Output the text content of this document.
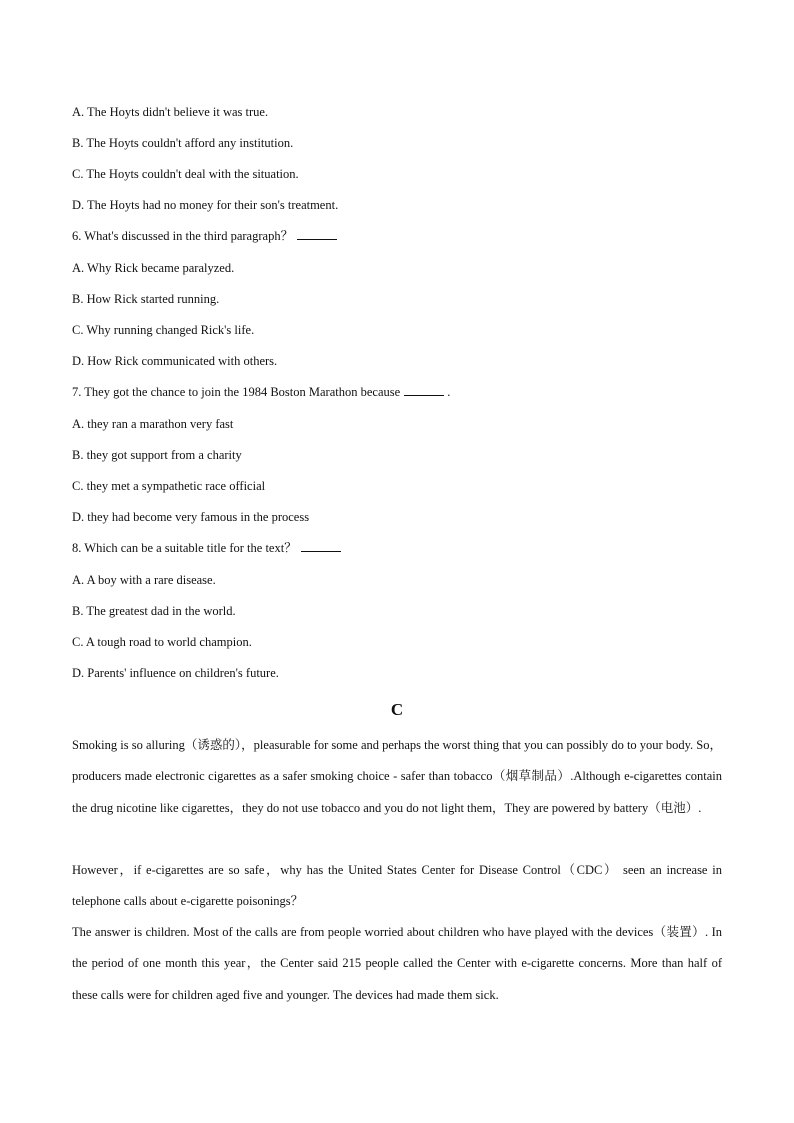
A. The Hoyts didn't believe it was true.
B. The Hoyts couldn't afford any institution.
C. The Hoyts couldn't deal with the situation.
D. The Hoyts had no money for their son's treatment.
6. What's discussed in the third paragraph？
A. Why Rick became paralyzed.
B. How Rick started running.
C. Why running changed Rick's life.
D. How Rick communicated with others.
7. They got the chance to join the 1984 Boston Marathon because	.
A. they ran a marathon very fast
B. they got support from a charity
C. they met a sympathetic race official
D. they had become very famous in the process
8. Which can be a suitable title for the text？
A. A boy with a rare disease.
B. The greatest dad in the world.
C. A tough road to world champion.
D. Parents' influence on children's future.
C
Smoking is so alluring（诱惑的），pleasurable for some and perhaps the worst thing that you can possibly do to your body. So，producers made electronic cigarettes as a safer smoking choice - safer than tobacco（烟草制品）.Although e-cigarettes contain the drug nicotine like cigarettes，they do not use tobacco and you do not light them，They are powered by battery（电池）.
However，if e-cigarettes are so safe，why has the United States Center for Disease Control（CDC） seen an increase in telephone calls about e-cigarette poisonings？
The answer is children. Most of the calls are from people worried about children who have played with the devices（装置）. In the period of one month this year，the Center said 215 people called the Center with e-cigarette concerns. More than half of these calls were for children aged five and younger. The devices had made them sick.
